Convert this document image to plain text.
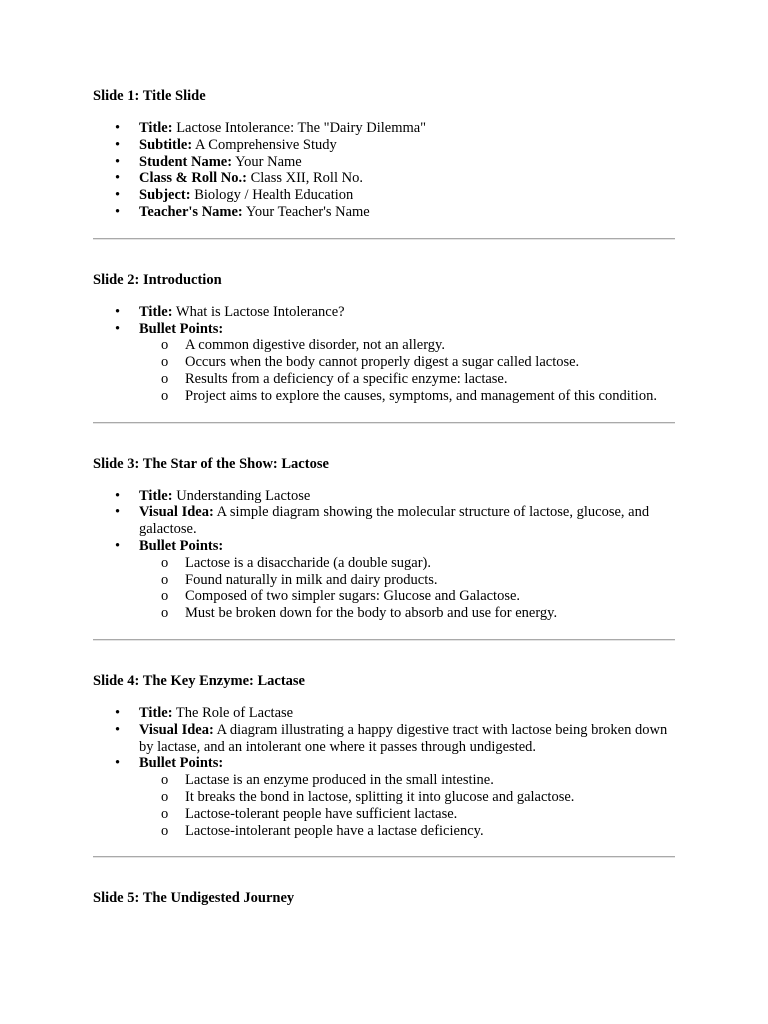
Slide 1: Title Slide

• Title: Lactose Intolerance: The "Dairy Dilemma"
• Subtitle: A Comprehensive Study
• Student Name: Your Name
• Class & Roll No.: Class XII, Roll No.
• Subject: Biology / Health Education
• Teacher's Name: Your Teacher's Name

Slide 2: Introduction

• Title: What is Lactose Intolerance?
• Bullet Points:
o A common digestive disorder, not an allergy.
o Occurs when the body cannot properly digest a sugar called lactose.
o Results from a deficiency of a specific enzyme: lactase.
o Project aims to explore the causes, symptoms, and management of this condition.

Slide 3: The Star of the Show: Lactose

• Title: Understanding Lactose
• Visual Idea: A simple diagram showing the molecular structure of lactose, glucose, and galactose.
• Bullet Points:
o Lactose is a disaccharide (a double sugar).
o Found naturally in milk and dairy products.
o Composed of two simpler sugars: Glucose and Galactose.
o Must be broken down for the body to absorb and use for energy.

Slide 4: The Key Enzyme: Lactase

• Title: The Role of Lactase
• Visual Idea: A diagram illustrating a happy digestive tract with lactose being broken down by lactase, and an intolerant one where it passes through undigested.
• Bullet Points:
o Lactase is an enzyme produced in the small intestine.
o It breaks the bond in lactose, splitting it into glucose and galactose.
o Lactose-tolerant people have sufficient lactase.
o Lactose-intolerant people have a lactase deficiency.

Slide 5: The Undigested Journey
